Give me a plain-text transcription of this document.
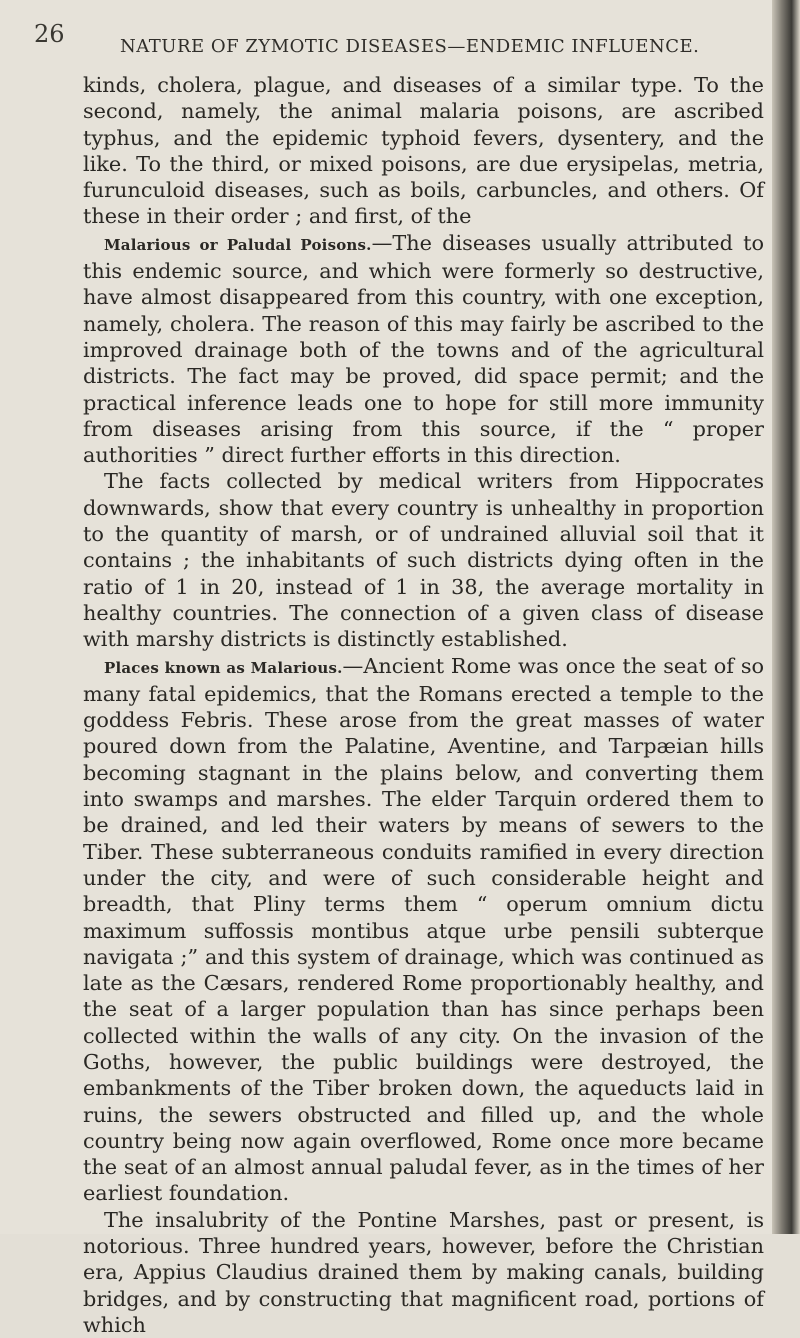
26	NATURE OF ZYMOTIC DISEASES—ENDEMIC INFLUENCE.

kinds, cholera, plague, and diseases of a similar type. To the second, namely, the animal malaria poisons, are ascribed typhus, and the epidemic typhoid fevers, dysentery, and the like. To the third, or mixed poisons, are due erysipelas, metria, furunculoid diseases, such as boils, carbuncles, and others. Of these in their order ; and first, of the

Malarious or Paludal Poisons.—The diseases usually attributed to this endemic source, and which were formerly so destructive, have almost disappeared from this country, with one exception, namely, cholera. The reason of this may fairly be ascribed to the improved drainage both of the towns and of the agricultural districts. The fact may be proved, did space permit; and the practical inference leads one to hope for still more immunity from diseases arising from this source, if the “ proper authorities ” direct further efforts in this direction.

The facts collected by medical writers from Hippocrates downwards, show that every country is unhealthy in proportion to the quantity of marsh, or of undrained alluvial soil that it contains ; the inhabitants of such districts dying often in the ratio of 1 in 20, instead of 1 in 38, the average mortality in healthy countries. The connection of a given class of disease with marshy districts is distinctly established.

Places known as Malarious.—Ancient Rome was once the seat of so many fatal epidemics, that the Romans erected a temple to the goddess Febris. These arose from the great masses of water poured down from the Palatine, Aventine, and Tarpæian hills becoming stagnant in the plains below, and converting them into swamps and marshes. The elder Tarquin ordered them to be drained, and led their waters by means of sewers to the Tiber. These subterraneous conduits ramified in every direction under the city, and were of such considerable height and breadth, that Pliny terms them “ operum omnium dictu maximum suffossis montibus atque urbe pensili subterque navigata ;” and this system of drainage, which was continued as late as the Cæsars, rendered Rome proportionably healthy, and the seat of a larger population than has since perhaps been collected within the walls of any city. On the invasion of the Goths, however, the public buildings were destroyed, the embankments of the Tiber broken down, the aqueducts laid in ruins, the sewers obstructed and filled up, and the whole country being now again overflowed, Rome once more became the seat of an almost annual paludal fever, as in the times of her earliest foundation.

The insalubrity of the Pontine Marshes, past or present, is notorious. Three hundred years, however, before the Christian era, Appius Claudius drained them by making canals, building bridges, and by constructing that magnificent road, portions of which
